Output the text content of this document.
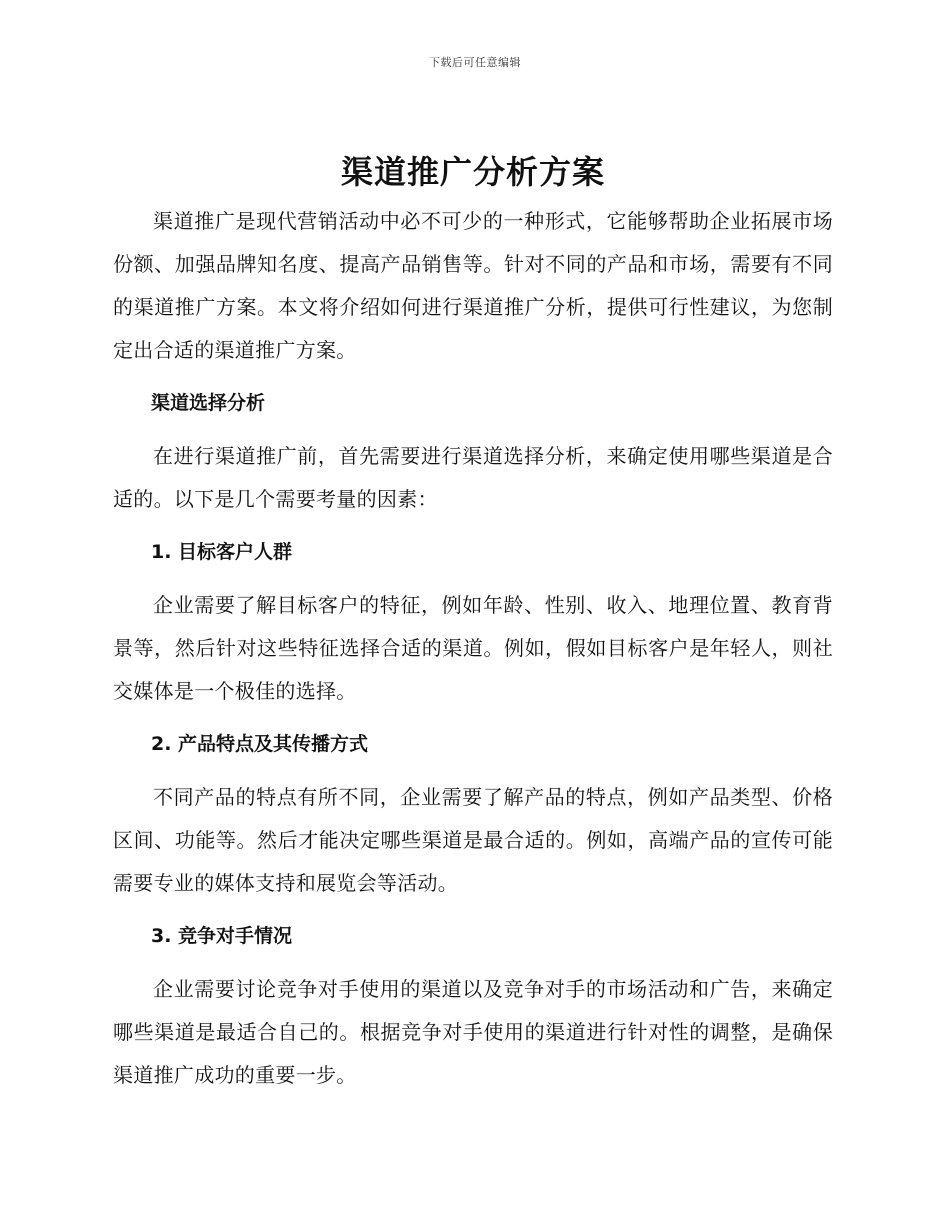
下载后可任意编辑
渠道推广分析方案

渠道推广是现代营销活动中必不可少的一种形式，它能够帮助企业拓展市场份额、加强品牌知名度、提高产品销售等。针对不同的产品和市场，需要有不同的渠道推广方案。本文将介绍如何进行渠道推广分析，提供可行性建议，为您制定出合适的渠道推广方案。

渠道选择分析

在进行渠道推广前，首先需要进行渠道选择分析，来确定使用哪些渠道是合适的。以下是几个需要考量的因素：

1. 目标客户人群

企业需要了解目标客户的特征，例如年龄、性别、收入、地理位置、教育背景等，然后针对这些特征选择合适的渠道。例如，假如目标客户是年轻人，则社交媒体是一个极佳的选择。

2. 产品特点及其传播方式

不同产品的特点有所不同，企业需要了解产品的特点，例如产品类型、价格区间、功能等。然后才能决定哪些渠道是最合适的。例如，高端产品的宣传可能需要专业的媒体支持和展览会等活动。

3. 竞争对手情况

企业需要讨论竞争对手使用的渠道以及竞争对手的市场活动和广告，来确定哪些渠道是最适合自己的。根据竞争对手使用的渠道进行针对性的调整，是确保渠道推广成功的重要一步。
